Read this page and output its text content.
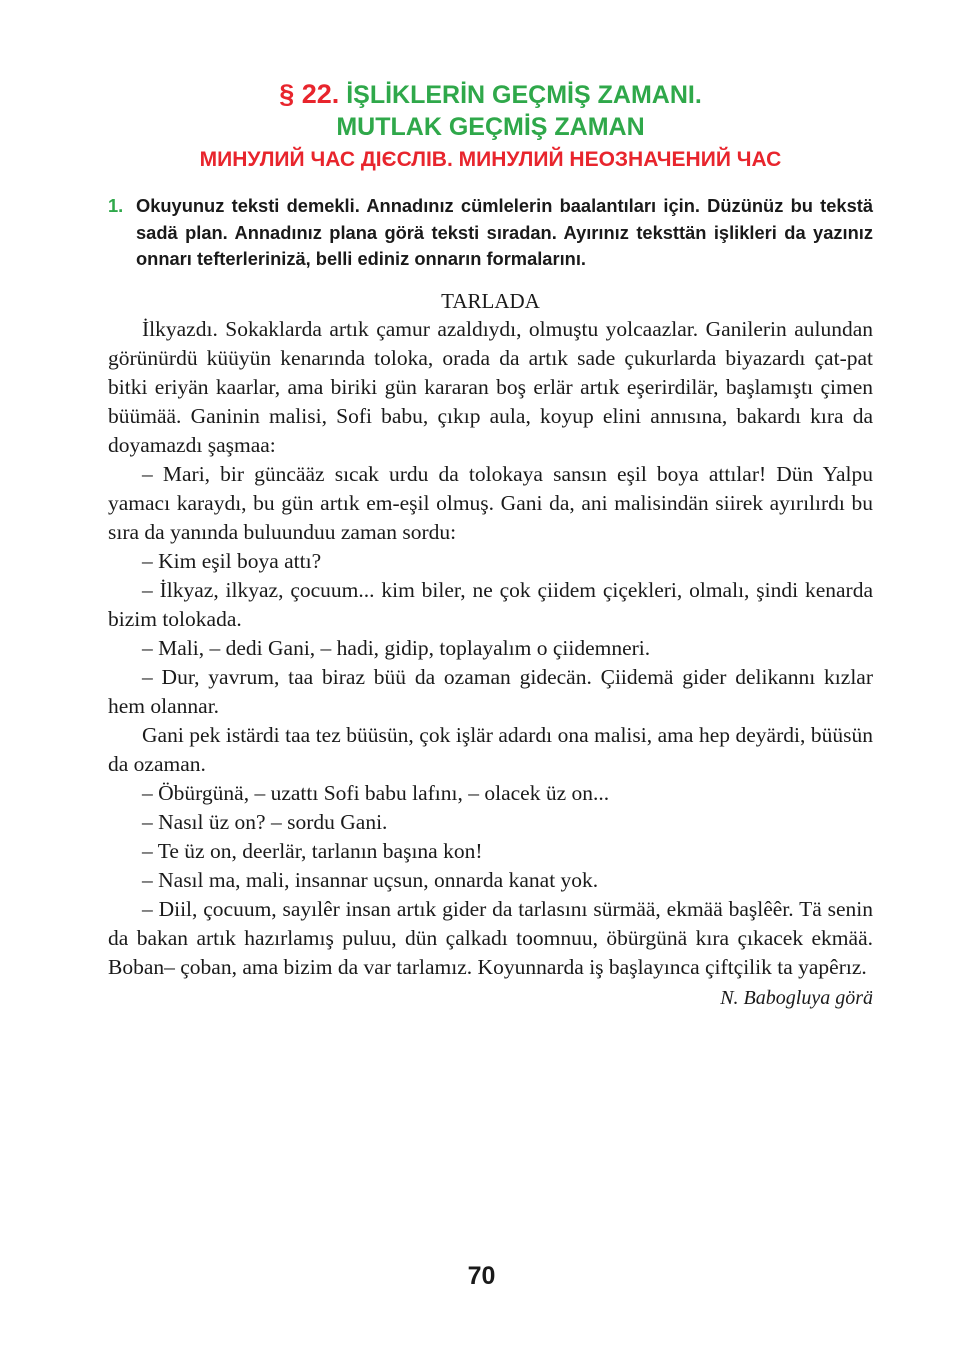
§ 22. İŞLİKLERİN GEÇMİŞ ZAMANI.
MUTLAK GEÇMİŞ ZAMAN
МИНУЛИЙ ЧАС ДІЄСЛІВ. МИНУЛИЙ НЕОЗНАЧЕНИЙ ЧАС
1. Okuyunuz teksti demekli. Annadınız cümlelerin baalantıları için. Düzünüz bu tekstä sadä plan. Annadınız plana görä teksti sıradan. Ayırınız teksttän işlikleri da yazınız onnarı tefterlerinizä, belli ediniz onnarın formalarını.
TARLADA

İlkyazdı. Sokaklarda artık çamur azaldıydı, olmuştu yolcaazlar. Ganilerin aulundan görünürdü küüyün kenarında toloka, orada da artık sade çukurlarda biyazardı çat-pat bitki eriyän kaarlar, ama biriki gün kararan boş erlär artık eşerirdilär, başlamıştı çimen büümää. Ganinin malisi, Sofi babu, çıkıp aula, koyup elini annısına, bakardı kıra da doyamazdı şaşmaa:

– Mari, bir güncääz sıcak urdu da tolokaya sansın eşil boya attılar! Dün Yalpu yamacı karaydı, bu gün artık em-eşil olmuş. Gani da, ani malisindän siirek ayırılırdı bu sıra da yanında buluunduu zaman sordu:

– Kim eşil boya attı?

– İlkyaz, ilkyaz, çocuum... kim biler, ne çok çiidem çiçekleri, olmalı, şindi kenarda bizim tolokada.

– Mali, – dedi Gani, – hadi, gidip, toplayalım o çiidemneri.

– Dur, yavrum, taa biraz büü da ozaman gidecän. Çiidemä gider delikannı kızlar hem olannar.

Gani pek istärdi taa tez büüsün, çok işlär adardı ona malisi, ama hep deyärdi, büüsün da ozaman.

– Öbürgünä, – uzattı Sofi babu lafını, – olacek üz on...

– Nasıl üz on? – sordu Gani.

– Te üz on, deerlär, tarlanın başına kon!

– Nasıl ma, mali, insannar uçsun, onnarda kanat yok.

– Diil, çocuum, sayılêr insan artık gider da tarlasını sürmää, ekmää başlêêr. Tä senin da bakan artık hazırlamış puluu, dün çalkadı toomnuu, öbürgünä kıra çıkacek ekmää. Boban– çoban, ama bizim da var tarlamız. Koyunnarda iş başlayınca çiftçilik ta yapêrız.

N. Babogluya görä
70
